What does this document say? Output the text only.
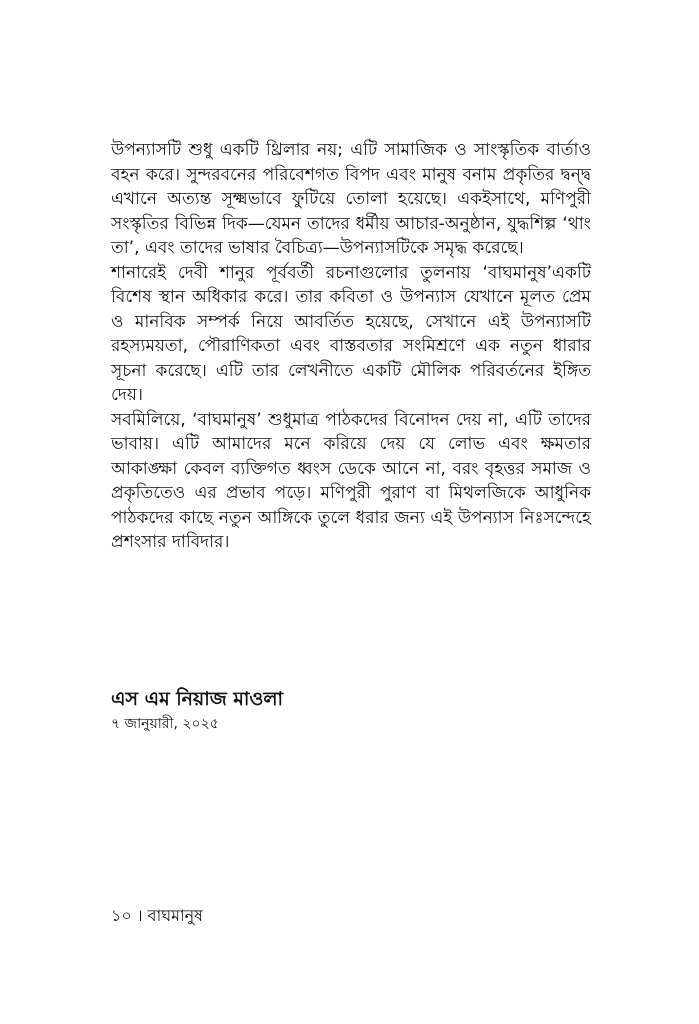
উপন্যাসটি শুধু একটি থ্রিলার নয়; এটি সামাজিক ও সাংস্কৃতিক বার্তাও বহন করে। সুন্দরবনের পরিবেশগত বিপদ এবং মানুষ বনাম প্রকৃতির দ্বন্দ্ব এখানে অত্যন্ত সূক্ষ্মভাবে ফুটিয়ে তোলা হয়েছে। একইসাথে, মণিপুরী সংস্কৃতির বিভিন্ন দিক—যেমন তাদের ধর্মীয় আচার-অনুষ্ঠান, যুদ্ধশিল্প ‘থাং তা’, এবং তাদের ভাষার বৈচিত্র্য—উপন্যাসটিকে সমৃদ্ধ করেছে।

শানারেই দেবী শানুর পূর্ববর্তী রচনাগুলোর তুলনায় ‘বাঘমানুষ’একটি বিশেষ স্থান অধিকার করে। তার কবিতা ও উপন্যাস যেখানে মূলত প্রেম ও মানবিক সম্পর্ক নিয়ে আবর্তিত হয়েছে, সেখানে এই উপন্যাসটি রহস্যময়তা, পৌরাণিকতা এবং বাস্তবতার সংমিশ্রণে এক নতুন ধারার সূচনা করেছে। এটি তার লেখনীতে একটি মৌলিক পরিবর্তনের ইঙ্গিত দেয়।

সবমিলিয়ে, ‘বাঘমানুষ’ শুধুমাত্র পাঠকদের বিনোদন দেয় না, এটি তাদের ভাবায়। এটি আমাদের মনে করিয়ে দেয় যে লোভ এবং ক্ষমতার আকাঙ্ক্ষা কেবল ব্যক্তিগত ধ্বংস ডেকে আনে না, বরং বৃহত্তর সমাজ ও প্রকৃতিতেও এর প্রভাব পড়ে। মণিপুরী পুরাণ বা মিথলজিকে আধুনিক পাঠকদের কাছে নতুন আঙ্গিকে তুলে ধরার জন্য এই উপন্যাস নিঃসন্দেহে প্রশংসার দাবিদার।

এস এম নিয়াজ মাওলা

৭ জানুয়ারী, ২০২৫

১০ । বাঘমানুষ
